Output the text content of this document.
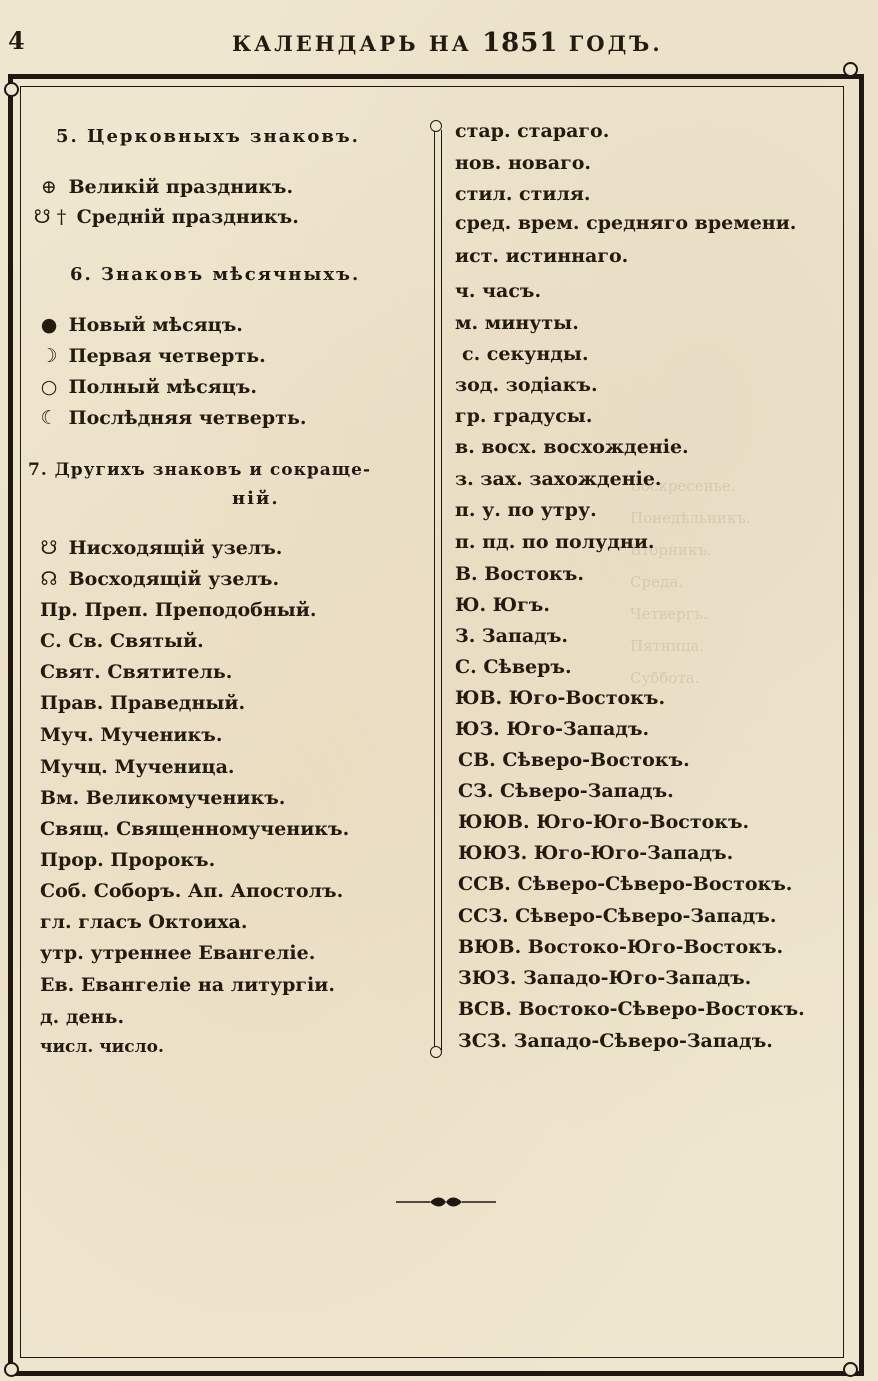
Воскресенье.
Понедѣльникъ.
Вторникъ.
Среда.
Четвергъ.
Пятница.
Суббота.
4	КАЛЕНДАРЬ НА 1851 ГОДЪ.
5. Церковныхъ знаковъ.
⊕ Великій праздникъ.
☋ † Средній праздникъ.
6. Знаковъ мѣсячныхъ.
● Новый мѣсяцъ.
☽ Первая четверть.
○ Полный мѣсяцъ.
☾ Послѣдняя четверть.
7. Другихъ знаковъ и сокраще-
ній.
☋ Нисходящій узелъ.
☊ Восходящій узелъ.
Пр. Преп. Преподобный.
С. Св. Святый.
Свят. Святитель.
Прав. Праведный.
Муч. Мученикъ.
Мучц. Мученица.
Вм. Великомученикъ.
Свящ. Священномученикъ.
Прор. Пророкъ.
Соб. Соборъ. Ап. Апостолъ.
гл. гласъ Октоиха.
утр. утреннее Евангеліе.
Ев. Евангеліе на литургіи.
д. день.
числ. число.
стар. стараго.
нов. новаго.
стил. стиля.
сред. врем. средняго времени.
ист. истиннаго.
ч. часъ.
м. минуты.
с. секунды.
зод. зодіакъ.
гр. градусы.
в. восх. восхожденіе.
з. зах. захожденіе.
п. у. по утру.
п. пд. по полудни.
В. Востокъ.
Ю. Югъ.
З. Западъ.
С. Сѣверъ.
ЮВ. Юго-Востокъ.
ЮЗ. Юго-Западъ.
СВ. Сѣверо-Востокъ.
СЗ. Сѣверо-Западъ.
ЮЮВ. Юго-Юго-Востокъ.
ЮЮЗ. Юго-Юго-Западъ.
ССВ. Сѣверо-Сѣверо-Востокъ.
ССЗ. Сѣверо-Сѣверо-Западъ.
ВЮВ. Востоко-Юго-Востокъ.
ЗЮЗ. Западо-Юго-Западъ.
ВСВ. Востоко-Сѣверо-Востокъ.
ЗСЗ. Западо-Сѣверо-Западъ.
